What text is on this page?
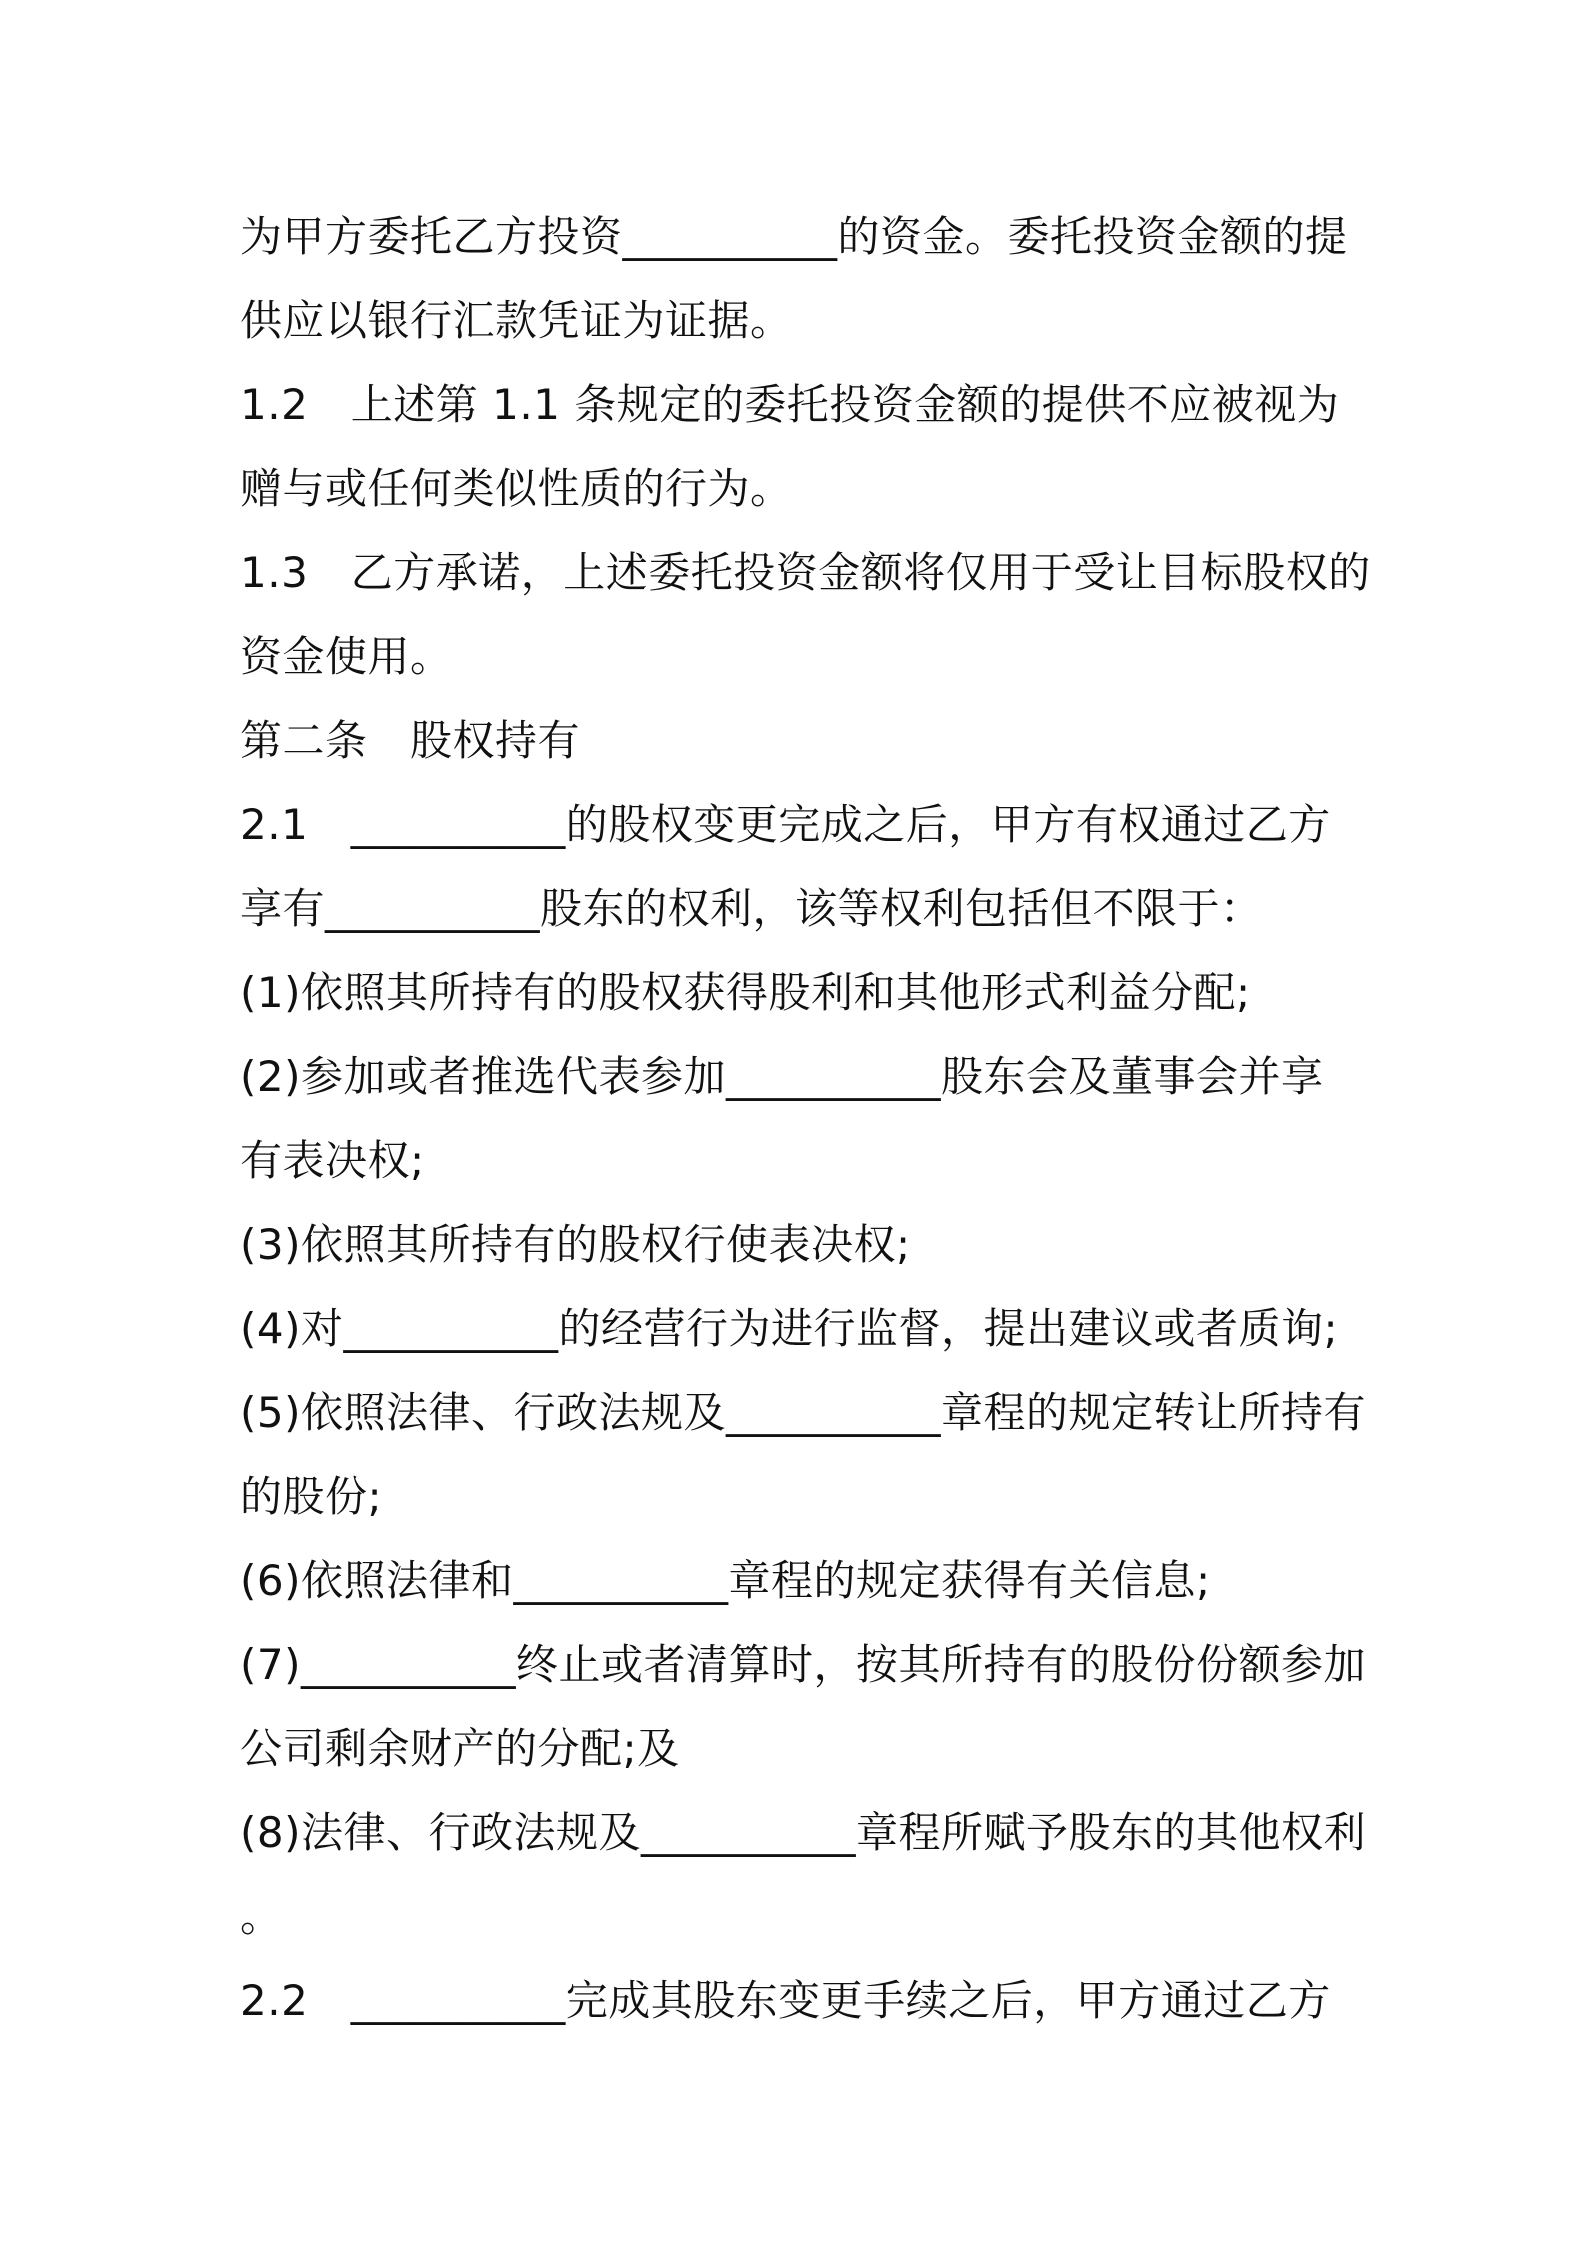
为甲方委托乙方投资__________的资金。委托投资金额的提
供应以银行汇款凭证为证据。
1.2　上述第 1.1 条规定的委托投资金额的提供不应被视为
赠与或任何类似性质的行为。
1.3　乙方承诺，上述委托投资金额将仅用于受让目标股权的
资金使用。
第二条　股权持有
2.1　__________的股权变更完成之后，甲方有权通过乙方
享有__________股东的权利，该等权利包括但不限于：
(1)依照其所持有的股权获得股利和其他形式利益分配;
(2)参加或者推选代表参加__________股东会及董事会并享
有表决权;
(3)依照其所持有的股权行使表决权;
(4)对__________的经营行为进行监督，提出建议或者质询;
(5)依照法律、行政法规及__________章程的规定转让所持有
的股份;
(6)依照法律和__________章程的规定获得有关信息;
(7)__________终止或者清算时，按其所持有的股份份额参加
公司剩余财产的分配;及
(8)法律、行政法规及__________章程所赋予股东的其他权利
。
2.2　__________完成其股东变更手续之后，甲方通过乙方
